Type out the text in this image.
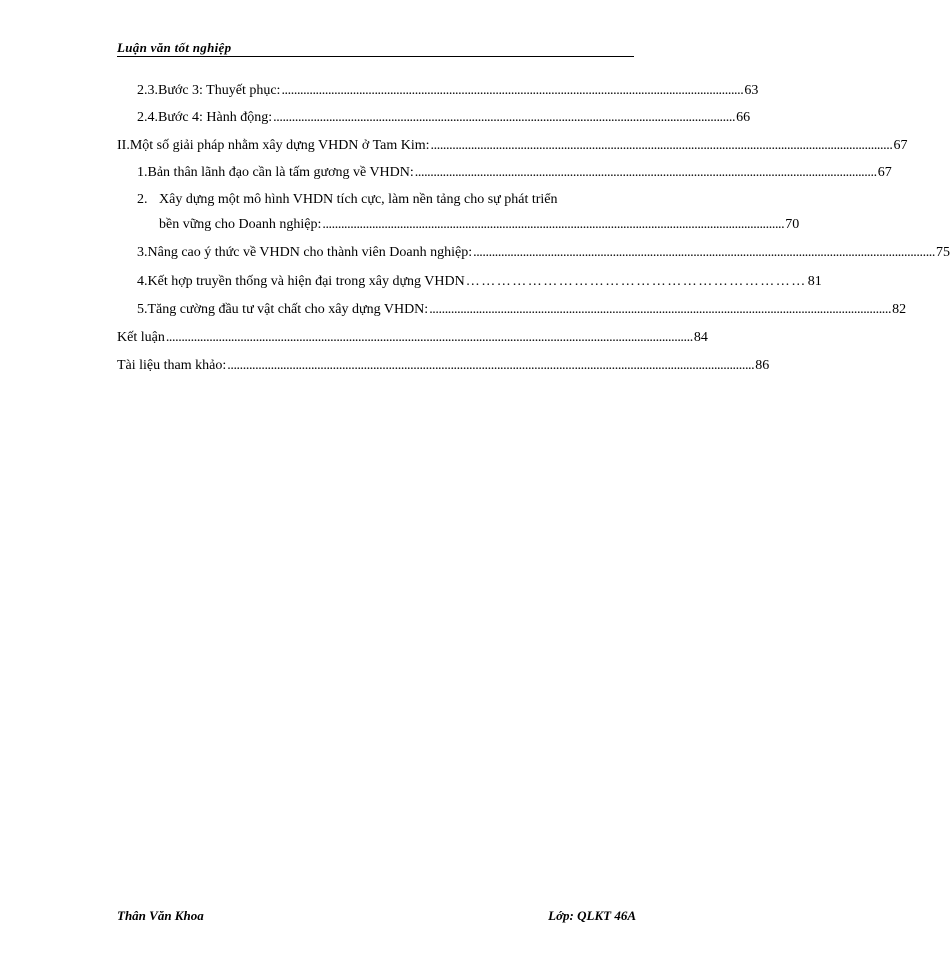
Luận văn tốt nghiệp
2.3. Bước 3: Thuyết phục: ..................................................................................................................................................... 63
2.4. Bước 4: Hành động: ..................................................................................................................................................... 66
II. Một số giải pháp nhằm xây dựng VHDN ở Tam Kim: ..................................................................................................................................................... 67
1. Bản thân lãnh đạo cần là tấm gương về VHDN: ..................................................................................................................................................... 67
2. Xây dựng một mô hình VHDN tích cực, làm nền tảng cho sự phát triển
bền vững cho Doanh nghiệp: ..................................................................................................................................................... 70
3. Nâng cao ý thức về VHDN cho thành viên Doanh nghiệp: ..................................................................................................................................................... 75
4. Kết hợp truyền thống và hiện đại trong xây dựng VHDN ………………………………………………………… 81
5. Tăng cường đầu tư vật chất cho xây dựng VHDN: ..................................................................................................................................................... 82
Kết luận .......................................................................................................................................................................... 84
Tài liệu tham khảo: .......................................................................................................................................................................... 86
Thân Văn Khoa	Lớp: QLKT 46A
